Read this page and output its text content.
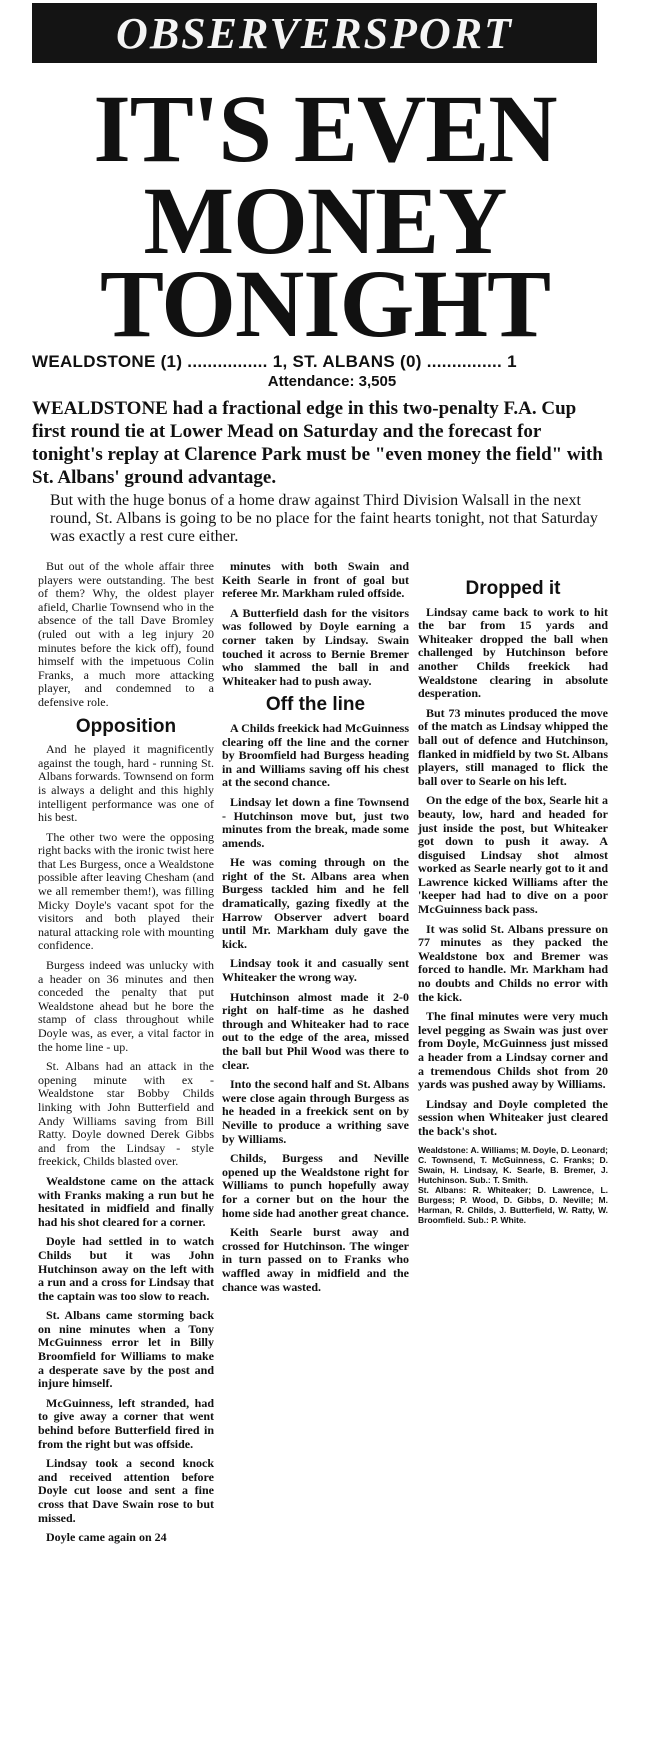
OBSERVERSPORT
IT'S EVEN
MONEY
TONIGHT
WEALDSTONE (1) ................ 1, ST. ALBANS (0) ............... 1
Attendance: 3,505

WEALDSTONE had a fractional edge in this two-penalty F.A. Cup first round tie at Lower Mead on Saturday and the forecast for tonight's replay at Clarence Park must be "even money the field" with St. Albans' ground advantage.

But with the huge bonus of a home draw against Third Division Walsall in the next round, St. Albans is going to be no place for the faint hearts tonight, not that Saturday was exactly a rest cure either.

But out of the whole affair three players were outstanding. The best of them? Why, the oldest player afield, Charlie Townsend who in the absence of the tall Dave Bromley (ruled out with a leg injury 20 minutes before the kick off), found himself with the impetuous Colin Franks, a much more attacking player, and condemned to a defensive role.

Opposition

And he played it magnificently against the tough, hard - running St. Albans forwards. Townsend on form is always a delight and this highly intelligent performance was one of his best.

The other two were the opposing right backs with the ironic twist here that Les Burgess, once a Wealdstone possible after leaving Chesham (and we all remember them!), was filling Micky Doyle's vacant spot for the visitors and both played their natural attacking role with mounting confidence.

Burgess indeed was unlucky with a header on 36 minutes and then conceded the penalty that put Wealdstone ahead but he bore the stamp of class throughout while Doyle was, as ever, a vital factor in the home line - up.

St. Albans had an attack in the opening minute with ex - Wealdstone star Bobby Childs linking with John Butterfield and Andy Williams saving from Bill Ratty. Doyle downed Derek Gibbs and from the Lindsay - style freekick, Childs blasted over.

Wealdstone came on the attack with Franks making a run but he hesitated in midfield and finally had his shot cleared for a corner.

Doyle had settled in to watch Childs but it was John Hutchinson away on the left with a run and a cross for Lindsay that the captain was too slow to reach.

St. Albans came storming back on nine minutes when a Tony McGuinness error let in Billy Broomfield for Williams to make a desperate save by the post and injure himself.

McGuinness, left stranded, had to give away a corner that went behind before Butterfield fired in from the right but was offside.

Lindsay took a second knock and received attention before Doyle cut loose and sent a fine cross that Dave Swain rose to but missed.

Doyle came again on 24

minutes with both Swain and Keith Searle in front of goal but referee Mr. Markham ruled offside.

A Butterfield dash for the visitors was followed by Doyle earning a corner taken by Lindsay. Swain touched it across to Bernie Bremer who slammed the ball in and Whiteaker had to push away.

Off the line

A Childs freekick had McGuinness clearing off the line and the corner by Broomfield had Burgess heading in and Williams saving off his chest at the second chance.

Lindsay let down a fine Townsend - Hutchinson move but, just two minutes from the break, made some amends.

He was coming through on the right of the St. Albans area when Burgess tackled him and he fell dramatically, gazing fixedly at the Harrow Observer advert board until Mr. Markham duly gave the kick.

Lindsay took it and casually sent Whiteaker the wrong way.

Hutchinson almost made it 2-0 right on half-time as he dashed through and Whiteaker had to race out to the edge of the area, missed the ball but Phil Wood was there to clear.

Into the second half and St. Albans were close again through Burgess as he headed in a freekick sent on by Neville to produce a writhing save by Williams.

Childs, Burgess and Neville opened up the Wealdstone right for Williams to punch hopefully away for a corner but on the hour the home side had another great chance.

Keith Searle burst away and crossed for Hutchinson. The winger in turn passed on to Franks who waffled away in midfield and the chance was wasted.

Dropped it

Lindsay came back to work to hit the bar from 15 yards and Whiteaker dropped the ball when challenged by Hutchinson before another Childs freekick had Wealdstone clearing in absolute desperation.

But 73 minutes produced the move of the match as Lindsay whipped the ball out of defence and Hutchinson, flanked in midfield by two St. Albans players, still managed to flick the ball over to Searle on his left.

On the edge of the box, Searle hit a beauty, low, hard and headed for just inside the post, but Whiteaker got down to push it away. A disguised Lindsay shot almost worked as Searle nearly got to it and Lawrence kicked Williams after the 'keeper had had to dive on a poor McGuinness back pass.

It was solid St. Albans pressure on 77 minutes as they packed the Wealdstone box and Bremer was forced to handle. Mr. Markham had no doubts and Childs no error with the kick.

The final minutes were very much level pegging as Swain was just over from Doyle, McGuinness just missed a header from a Lindsay corner and a tremendous Childs shot from 20 yards was pushed away by Williams.

Lindsay and Doyle completed the session when Whiteaker just cleared the back's shot.

Wealdstone: A. Williams; M. Doyle, D. Leonard; C. Townsend, T. McGuinness, C. Franks; D. Swain, H. Lindsay, K. Searle, B. Bremer, J. Hutchinson. Sub.: T. Smith.
St. Albans: R. Whiteaker; D. Lawrence, L. Burgess; P. Wood, D. Gibbs, D. Neville; M. Harman, R. Childs, J. Butterfield, W. Ratty, W. Broomfield. Sub.: P. White.
